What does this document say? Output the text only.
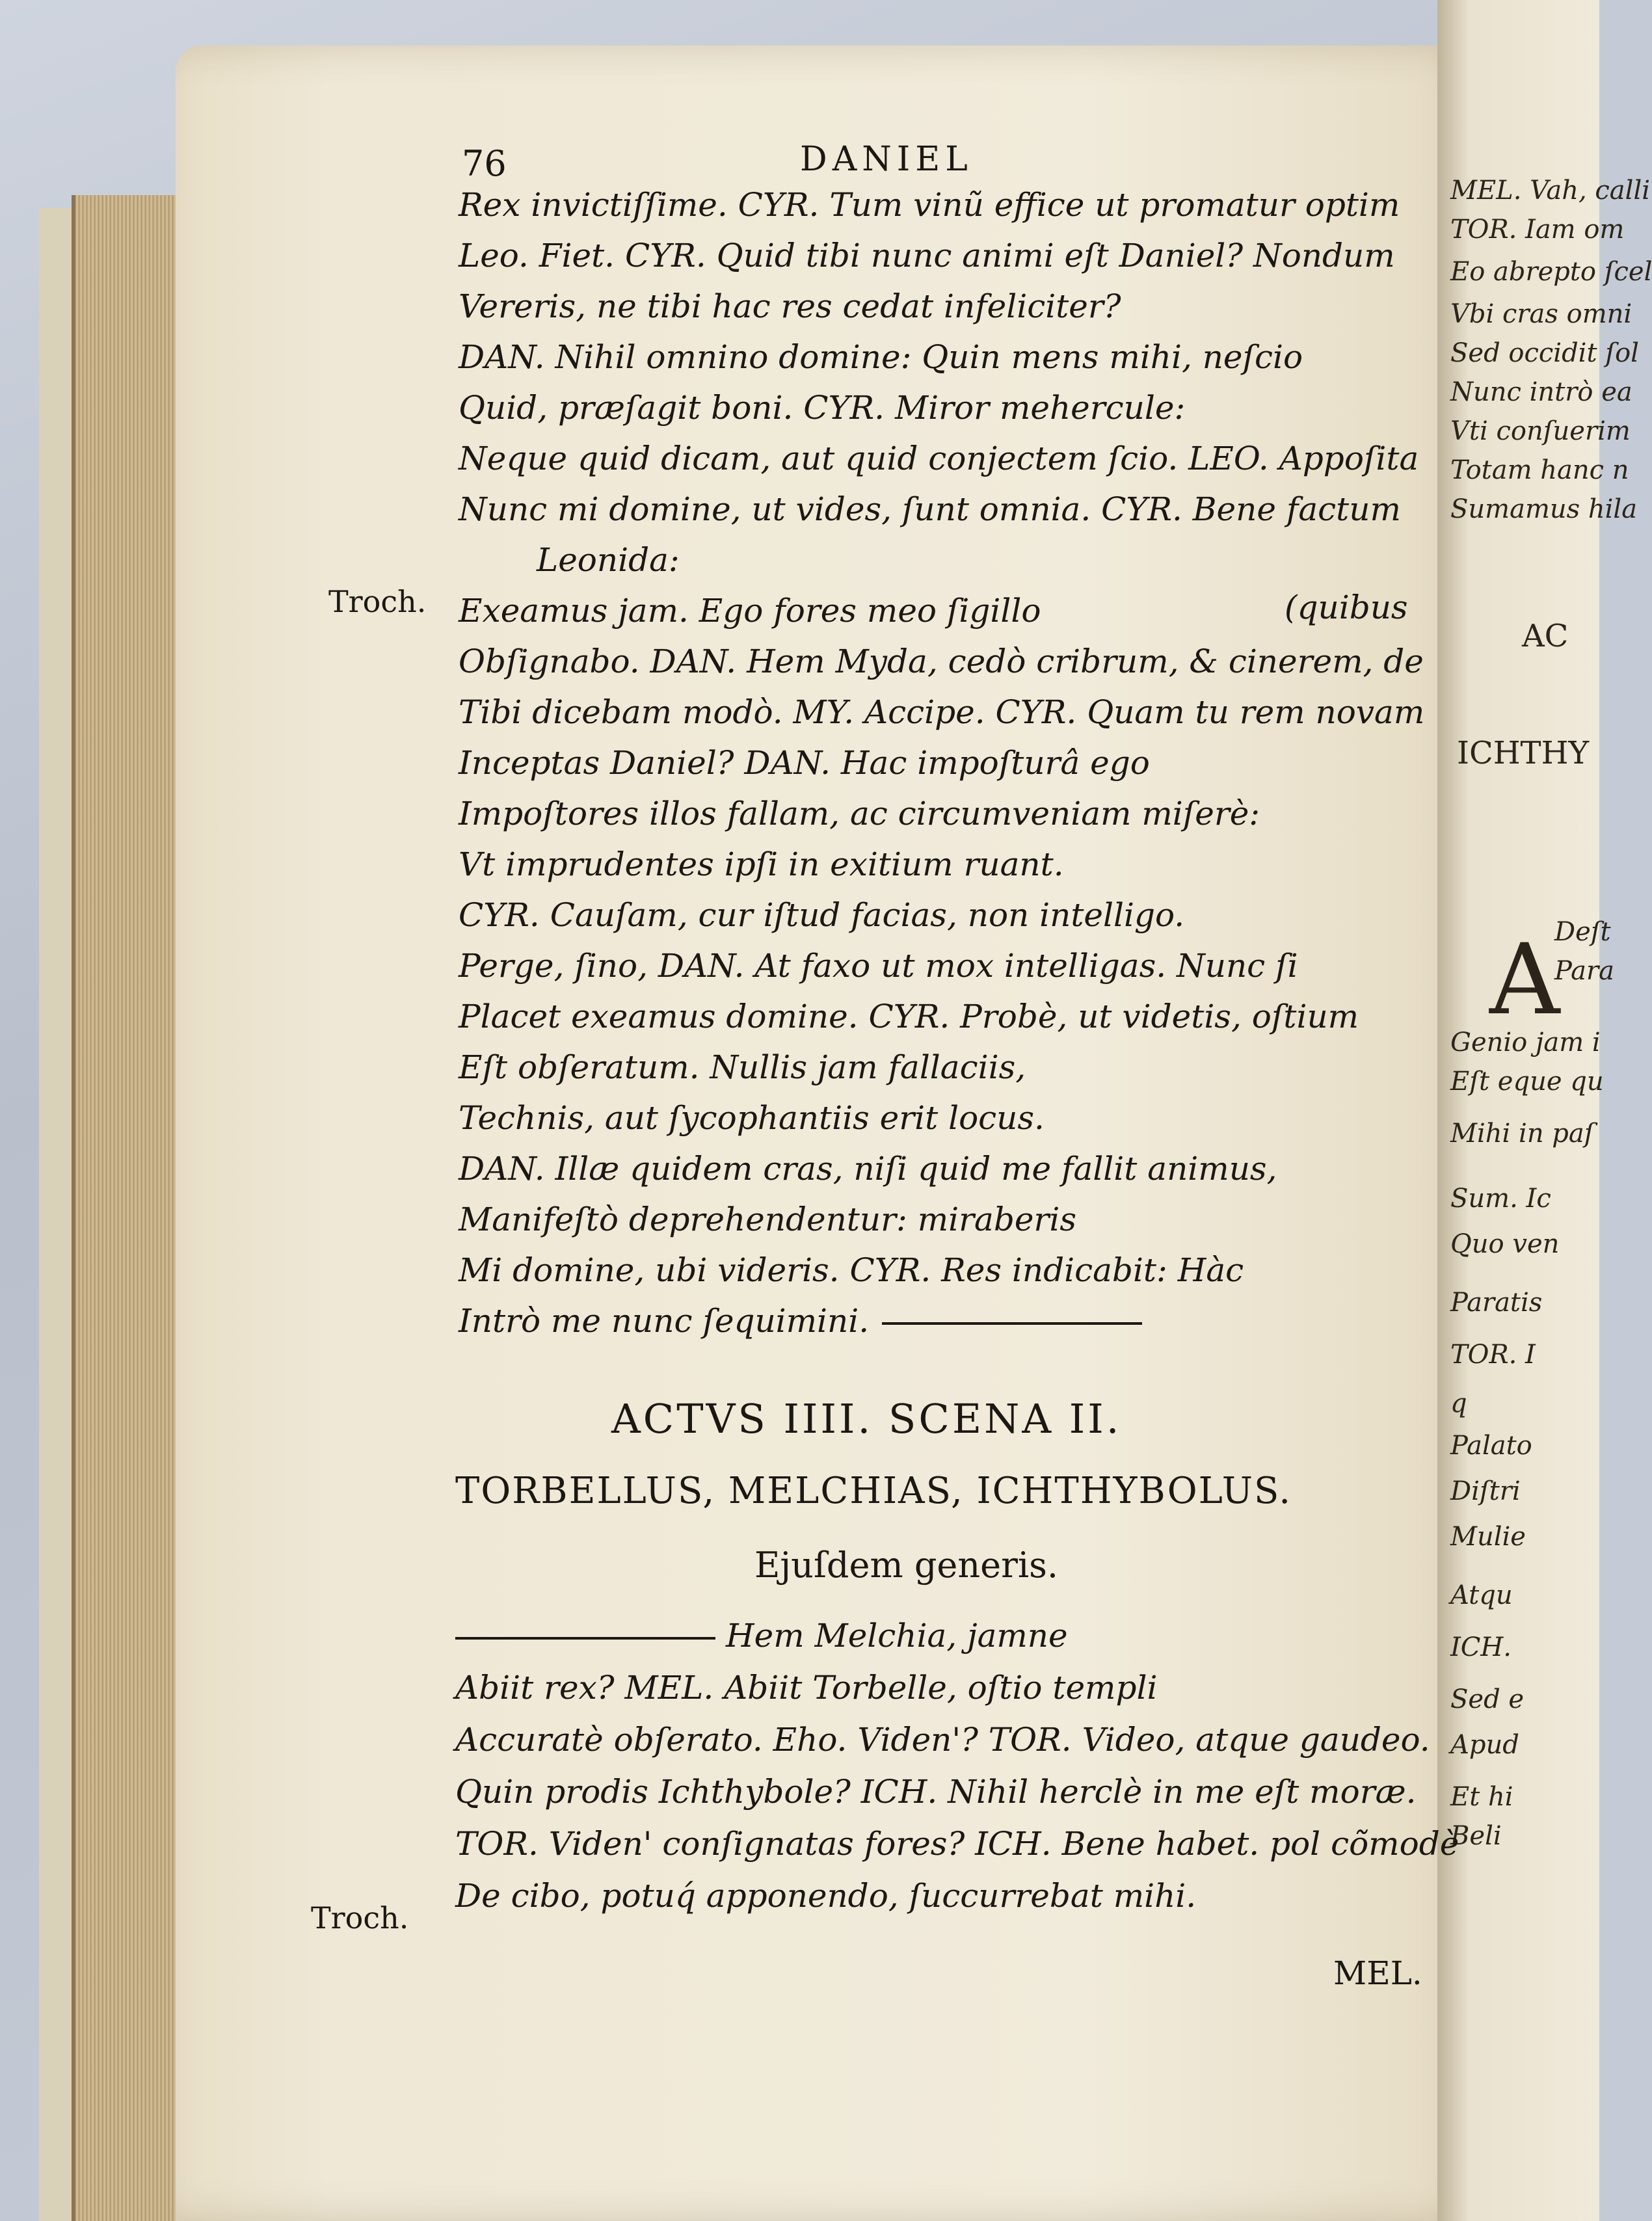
MEL. Vah, calli
TOR. Iam om
Eo abrepto ſcel
Vbi cras omni
Sed occidit ſol
Nunc intrò ea
Vti conſuerim
Totam hanc n
Sumamus hila
AC
ICHTHY
A
Deſt
Para
Genio jam i
Eſt eque qu
Mihi in paſ
Sum. Ic
Quo ven
Paratis
TOR. I
q
Palato
Diſtri
Mulie
Atqu
ICH.
Sed e
Apud
Et hi
Beli
76	DANIEL
Rex invictiſſime. CYR. Tum vinũ effice ut promatur optim
Leo. Fiet. CYR. Quid tibi nunc animi eſt Daniel? Nondum
Vereris, ne tibi hac res cedat infeliciter?
DAN. Nihil omnino domine: Quin mens mihi, neſcio
Quid, præſagit boni. CYR. Miror mehercule:
Neque quid dicam, aut quid conjectem ſcio. LEO. Appoſita
Nunc mi domine, ut vides, ſunt omnia. CYR. Bene factum
Leonida:
Exeamus jam. Ego fores meo ſigillo
Obſignabo. DAN. Hem Myda, cedò cribrum, & cinerem, de
Tibi dicebam modò. MY. Accipe. CYR. Quam tu rem novam
Inceptas Daniel? DAN. Hac impoſturâ ego
Impoſtores illos fallam, ac circumveniam miſerè:
Vt imprudentes ipſi in exitium ruant.
CYR. Cauſam, cur iſtud facias, non intelligo.
Perge, ſino, DAN. At faxo ut mox intelligas. Nunc ſi
Placet exeamus domine. CYR. Probè, ut videtis, oſtium
Eſt obſeratum. Nullis jam fallaciis,
Technis, aut ſycophantiis erit locus.
DAN. Illæ quidem cras, niſi quid me fallit animus,
Manifeſtò deprehendentur: miraberis
Mi domine, ubi videris. CYR. Res indicabit: Hàc
Intrò me nunc ſequimini.
Troch.	(quibus
ACTVS IIII. SCENA II.
TORBELLUS, MELCHIAS, ICHTHYBOLUS.
Ejuſdem generis.
Hem Melchia, jamne
Abiit rex? MEL. Abiit Torbelle, oſtio templi
Accuratè obſerato. Eho. Viden'? TOR. Video, atque gaudeo.
Quin prodis Ichthybole? ICH. Nihil herclè in me eſt moræ.
TOR. Viden' conſignatas fores? ICH. Bene habet. pol cõmodè
De cibo, potuq́ apponendo, ſuccurrebat mihi.
Troch.
MEL.
